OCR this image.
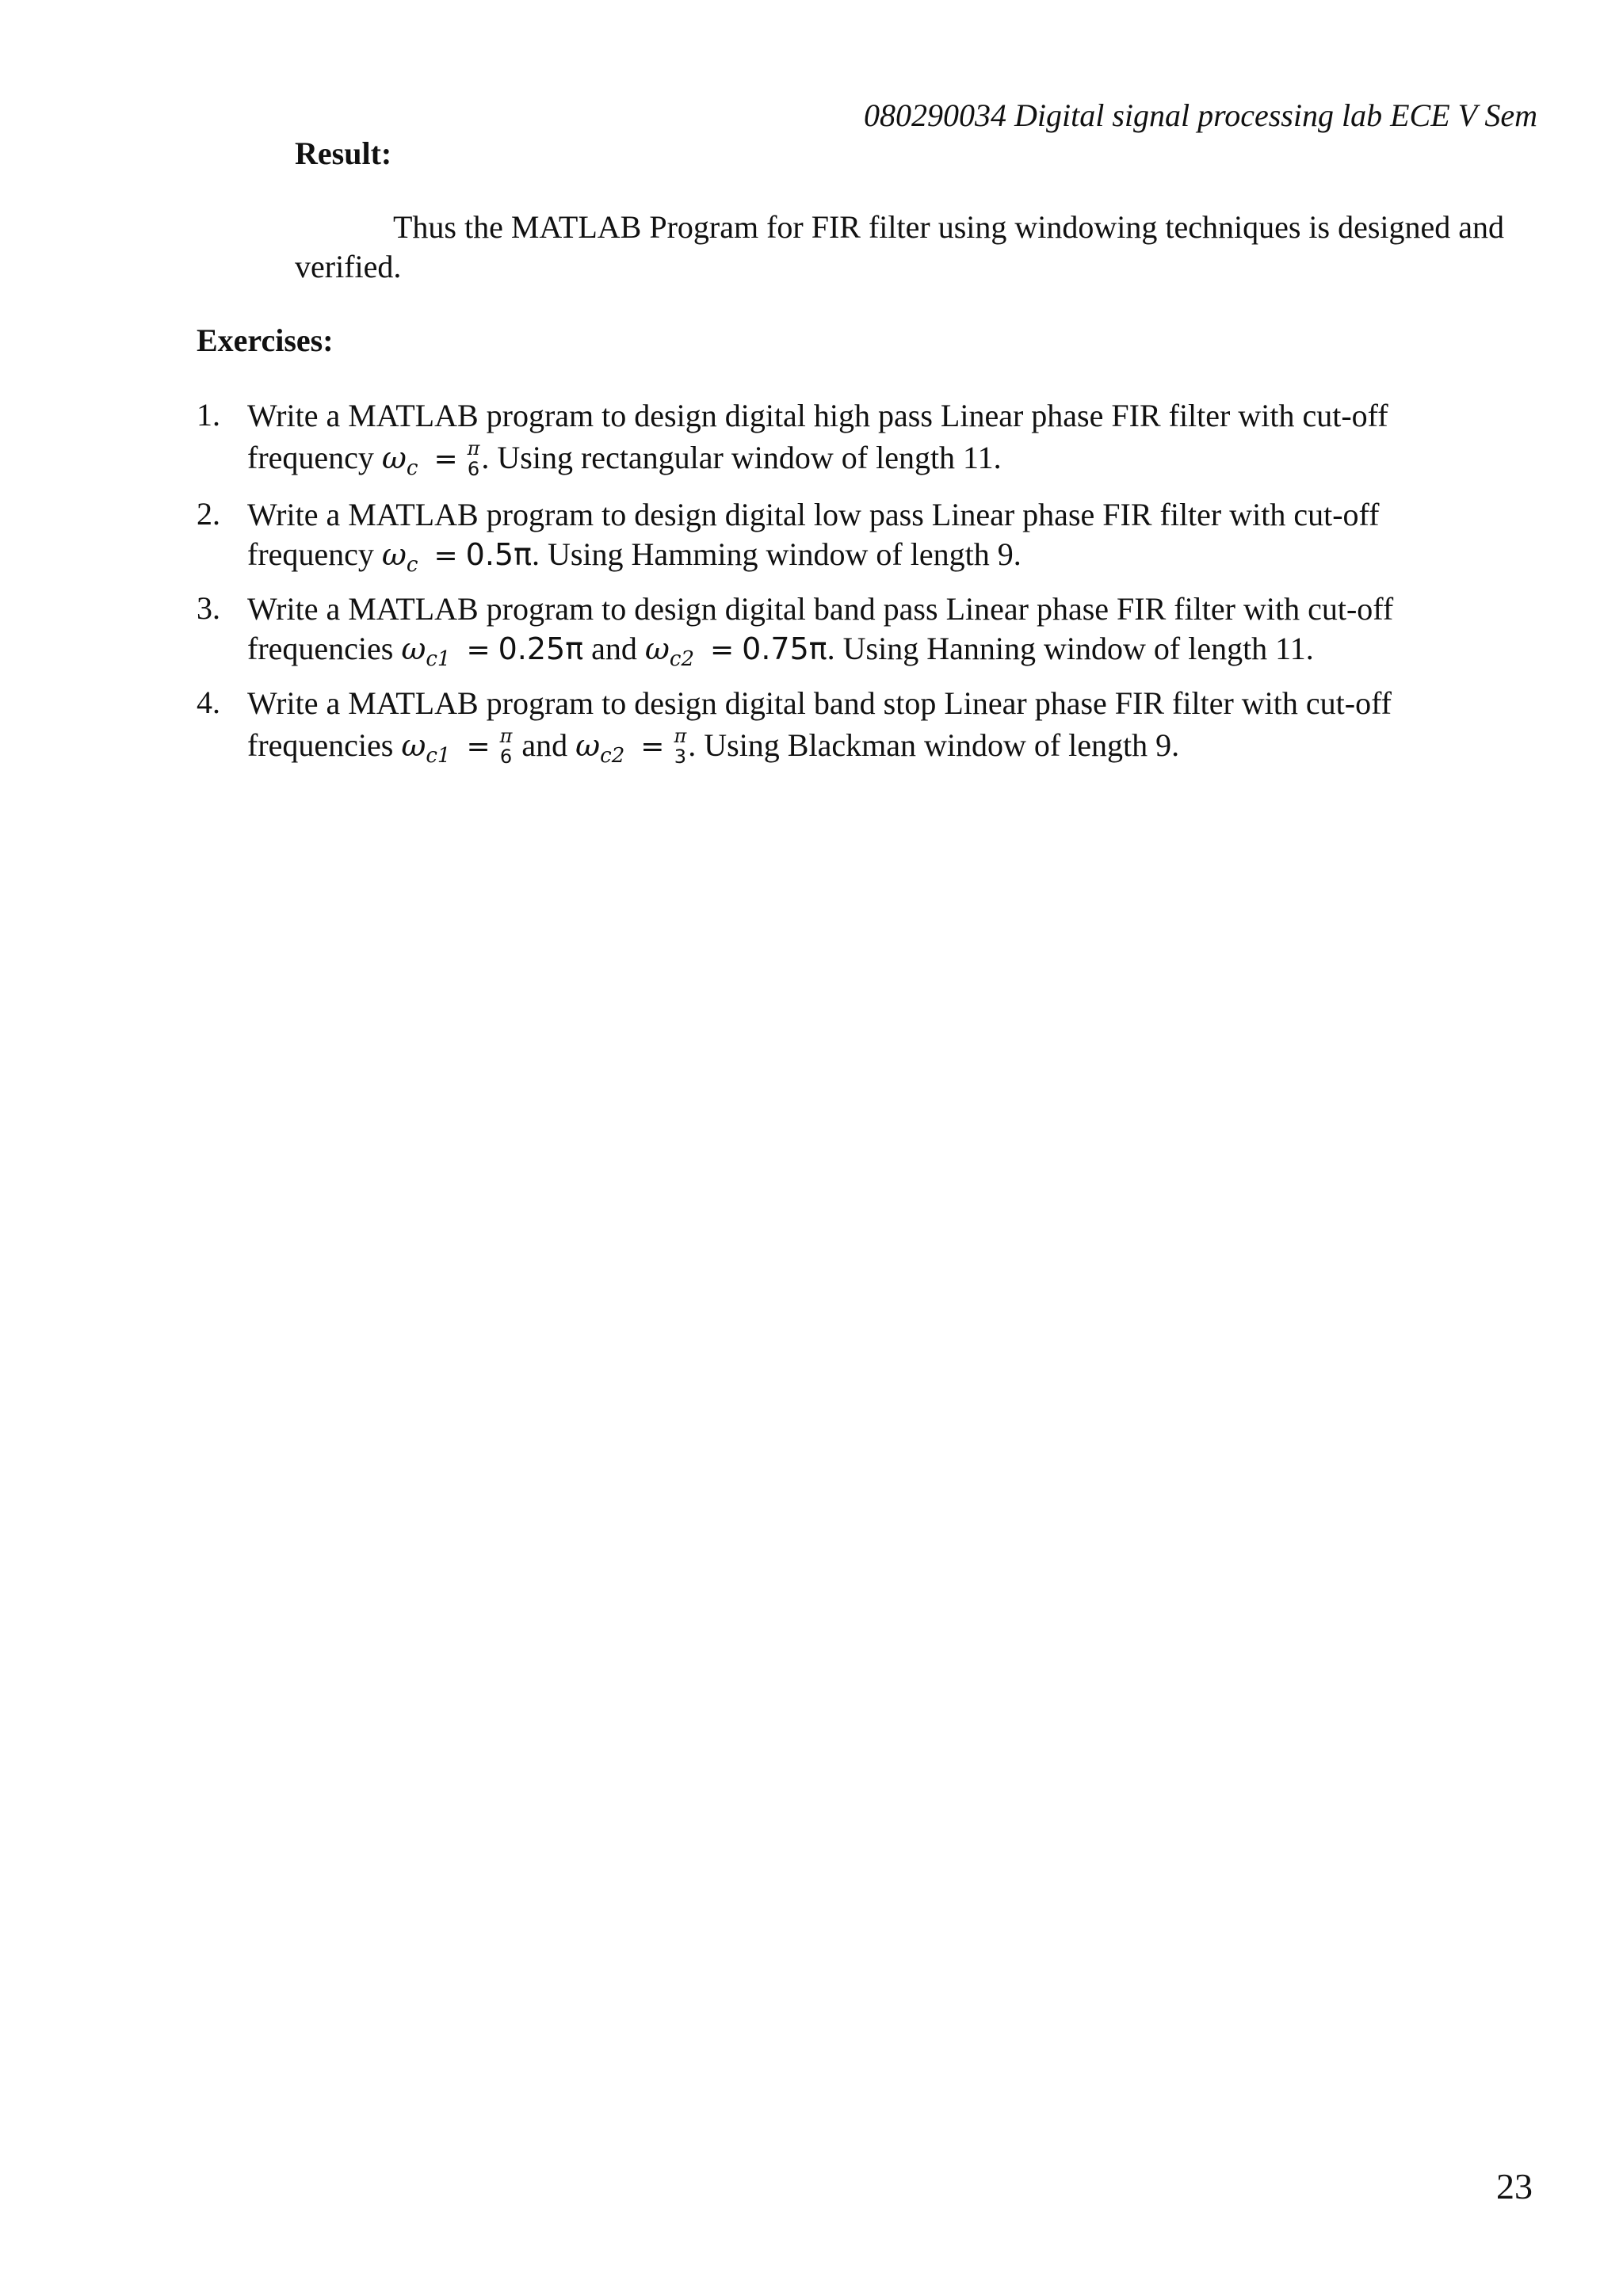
080290034 Digital signal processing lab ECE V Sem
Result:

Thus the MATLAB Program for FIR filter using windowing techniques is designed and verified.

Exercises:
1. Write a MATLAB program to design digital high pass Linear phase FIR filter with cut-off
frequency $\omega_c = \pi$
6 . Using rectangular window of length 11.
2. Write a MATLAB program to design digital low pass Linear phase FIR filter with cut-off
frequency $\omega_c = 0.5\pi$. Using Hamming window of length 9.
3. Write a MATLAB program to design digital band pass Linear phase FIR filter with cut-off
frequencies $\omega_{c1} = 0.25\pi$ and $\omega_{c2} = 0.75\pi$. Using Hanning window of length 11.
4. Write a MATLAB program to design digital band stop Linear phase FIR filter with cut-off
frequencies $\omega_{c1} = \pi$
6 and $\omega_{c2} = \pi$
3 . Using Blackman window of length 9.
23
